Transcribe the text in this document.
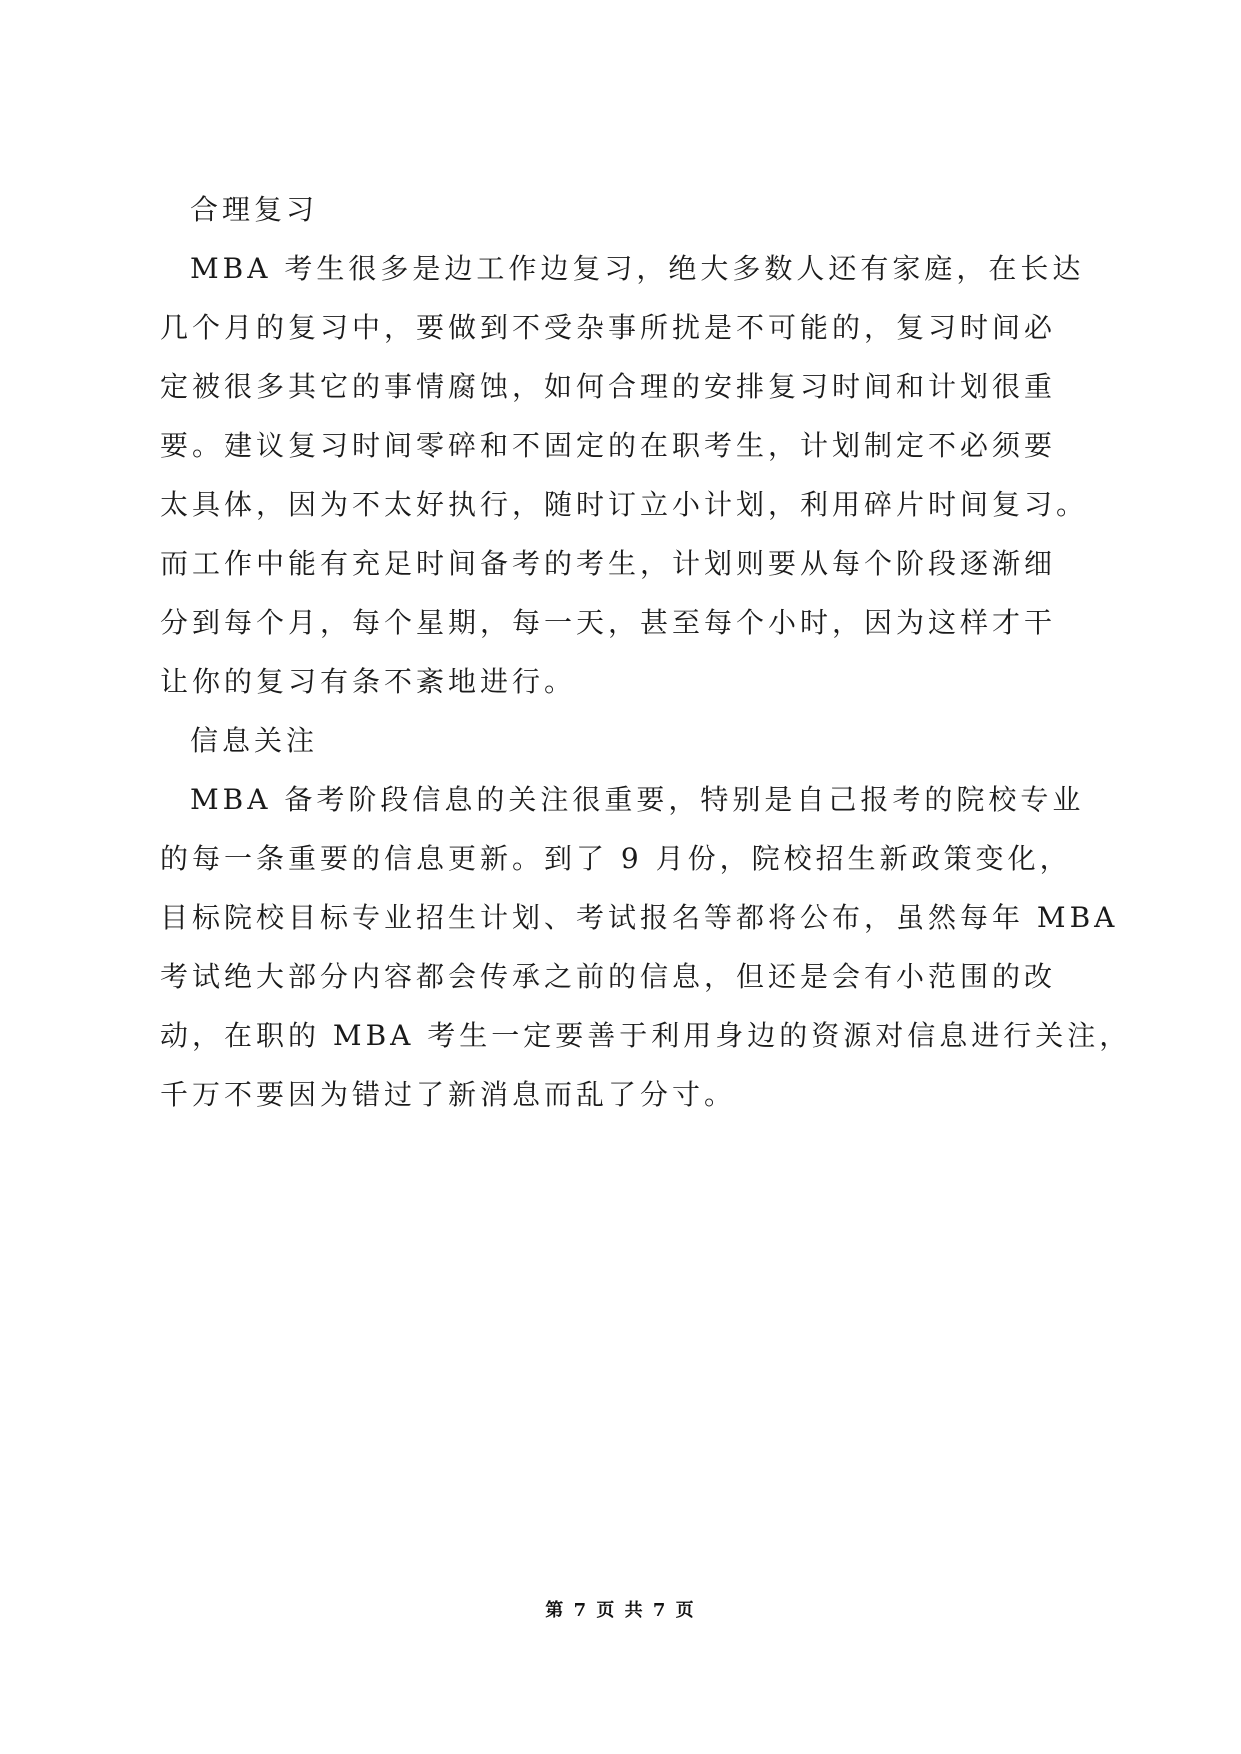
合理复习
MBA 考生很多是边工作边复习，绝大多数人还有家庭，在长达
几个月的复习中，要做到不受杂事所扰是不可能的，复习时间必
定被很多其它的事情腐蚀，如何合理的安排复习时间和计划很重
要。建议复习时间零碎和不固定的在职考生，计划制定不必须要
太具体，因为不太好执行，随时订立小计划，利用碎片时间复习。
而工作中能有充足时间备考的考生，计划则要从每个阶段逐渐细
分到每个月，每个星期，每一天，甚至每个小时，因为这样才干
让你的复习有条不紊地进行。
信息关注
MBA 备考阶段信息的关注很重要，特别是自己报考的院校专业
的每一条重要的信息更新。到了 9 月份，院校招生新政策变化，
目标院校目标专业招生计划、考试报名等都将公布，虽然每年 MBA
考试绝大部分内容都会传承之前的信息，但还是会有小范围的改
动，在职的 MBA 考生一定要善于利用身边的资源对信息进行关注，
千万不要因为错过了新消息而乱了分寸。
第 7 页 共 7 页
